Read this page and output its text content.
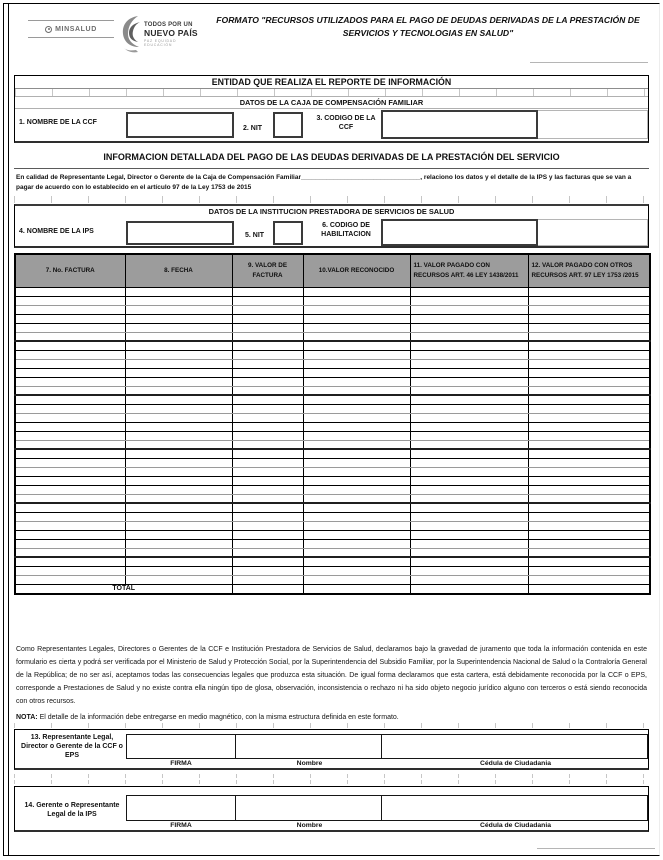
MINSALUD
TODOS POR UN
NUEVO PAÍS
PAZ EQUIDAD EDUCACIÓN
FORMATO "RECURSOS UTILIZADOS PARA EL PAGO DE DEUDAS DERIVADAS DE LA PRESTACIÓN DE
SERVICIOS Y TECNOLOGIAS EN SALUD"
ENTIDAD QUE REALIZA EL REPORTE DE INFORMACIÓN
DATOS DE LA CAJA DE COMPENSACIÓN FAMILIAR
1. NOMBRE DE LA CCF
2. NIT
3. CODIGO DE LA CCF
INFORMACION DETALLADA DEL PAGO DE LAS DEUDAS DERIVADAS DE LA PRESTACIÓN DEL SERVICIO
En calidad de Representante Legal, Director o Gerente de la Caja de Compensación Familiar_________________________________, relaciono los datos y el detalle de la IPS y las facturas que se van a pagar de acuerdo con lo establecido en el artículo 97 de la Ley 1753 de 2015
DATOS DE LA INSTITUCION PRESTADORA DE SERVICIOS DE SALUD
4. NOMBRE DE LA IPS
5. NIT
6. CODIGO DE HABILITACION
7. No. FACTURA	8. FECHA	9. VALOR DE FACTURA	10.VALOR RECONOCIDO	11. VALOR PAGADO CON RECURSOS ART. 46 LEY 1438/2011	12. VALOR PAGADO CON OTROS RECURSOS ART. 97 LEY 1753 /2015

TOTAL					
Como Representantes Legales, Directores o Gerentes de la CCF e Institución Prestadora de Servicios de Salud, declaramos bajo la gravedad de juramento que toda la información contenida en este formulario es cierta y podrá ser verificada por el Ministerio de Salud y Protección Social, por la Superintendencia del Subsidio Familiar, por la Superintendencia Nacional de Salud o la Contraloría General de la República; de no ser así, aceptamos todas las consecuencias legales que produzca esta situación. De igual forma declaramos que esta cartera, está debidamente reconocida por la CCF o EPS, corresponde a Prestaciones de Salud y no existe contra ella ningún tipo de glosa, observación, inconsistencia o rechazo ni ha sido objeto negocio jurídico alguno con terceros o está siendo reconocida con otros recursos.
NOTA: El detalle de la información debe entregarse en medio magnético, con la misma estructura definida en este formato.
13. Representante Legal, Director o Gerente de la CCF o EPS
FIRMA	Nombre	Cédula de Ciudadania
14. Gerente o Representante Legal de la IPS
FIRMA	Nombre	Cédula de Ciudadania
